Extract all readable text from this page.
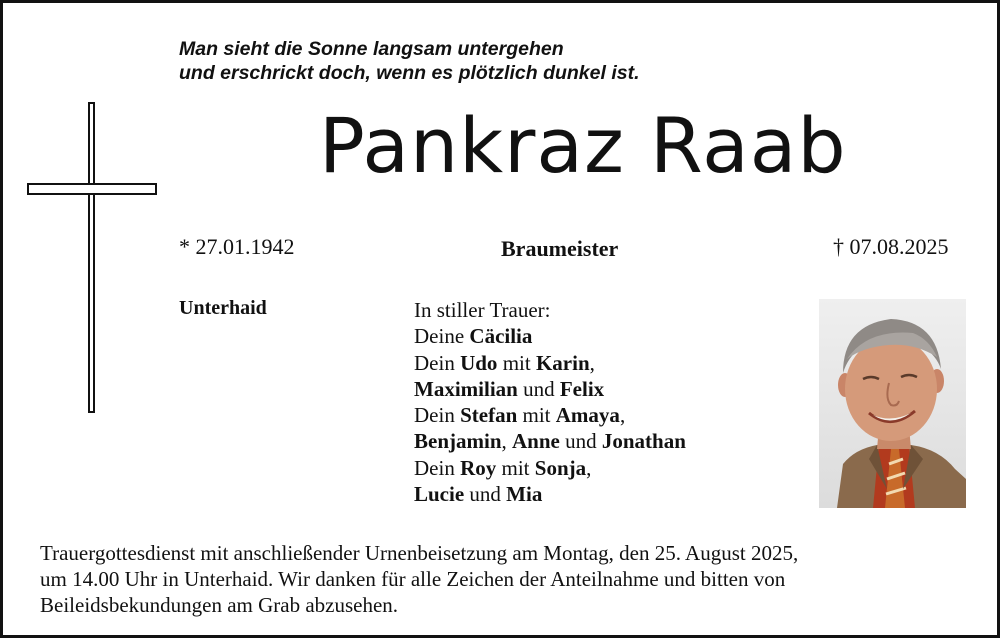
Man sieht die Sonne langsam untergehen
und erschrickt doch, wenn es plötzlich dunkel ist.
Pankraz Raab
* 27.01.1942	Braumeister	† 07.08.2025
Unterhaid	In stiller Trauer:
Deine Cäcilia
Dein Udo mit Karin,
Maximilian und Felix
Dein Stefan mit Amaya,
Benjamin, Anne und Jonathan
Dein Roy mit Sonja,
Lucie und Mia
Trauergottesdienst mit anschließender Urnenbeisetzung am Montag, den 25. August 2025,
um 14.00 Uhr in Unterhaid. Wir danken für alle Zeichen der Anteilnahme und bitten von
Beileidsbekundungen am Grab abzusehen.
